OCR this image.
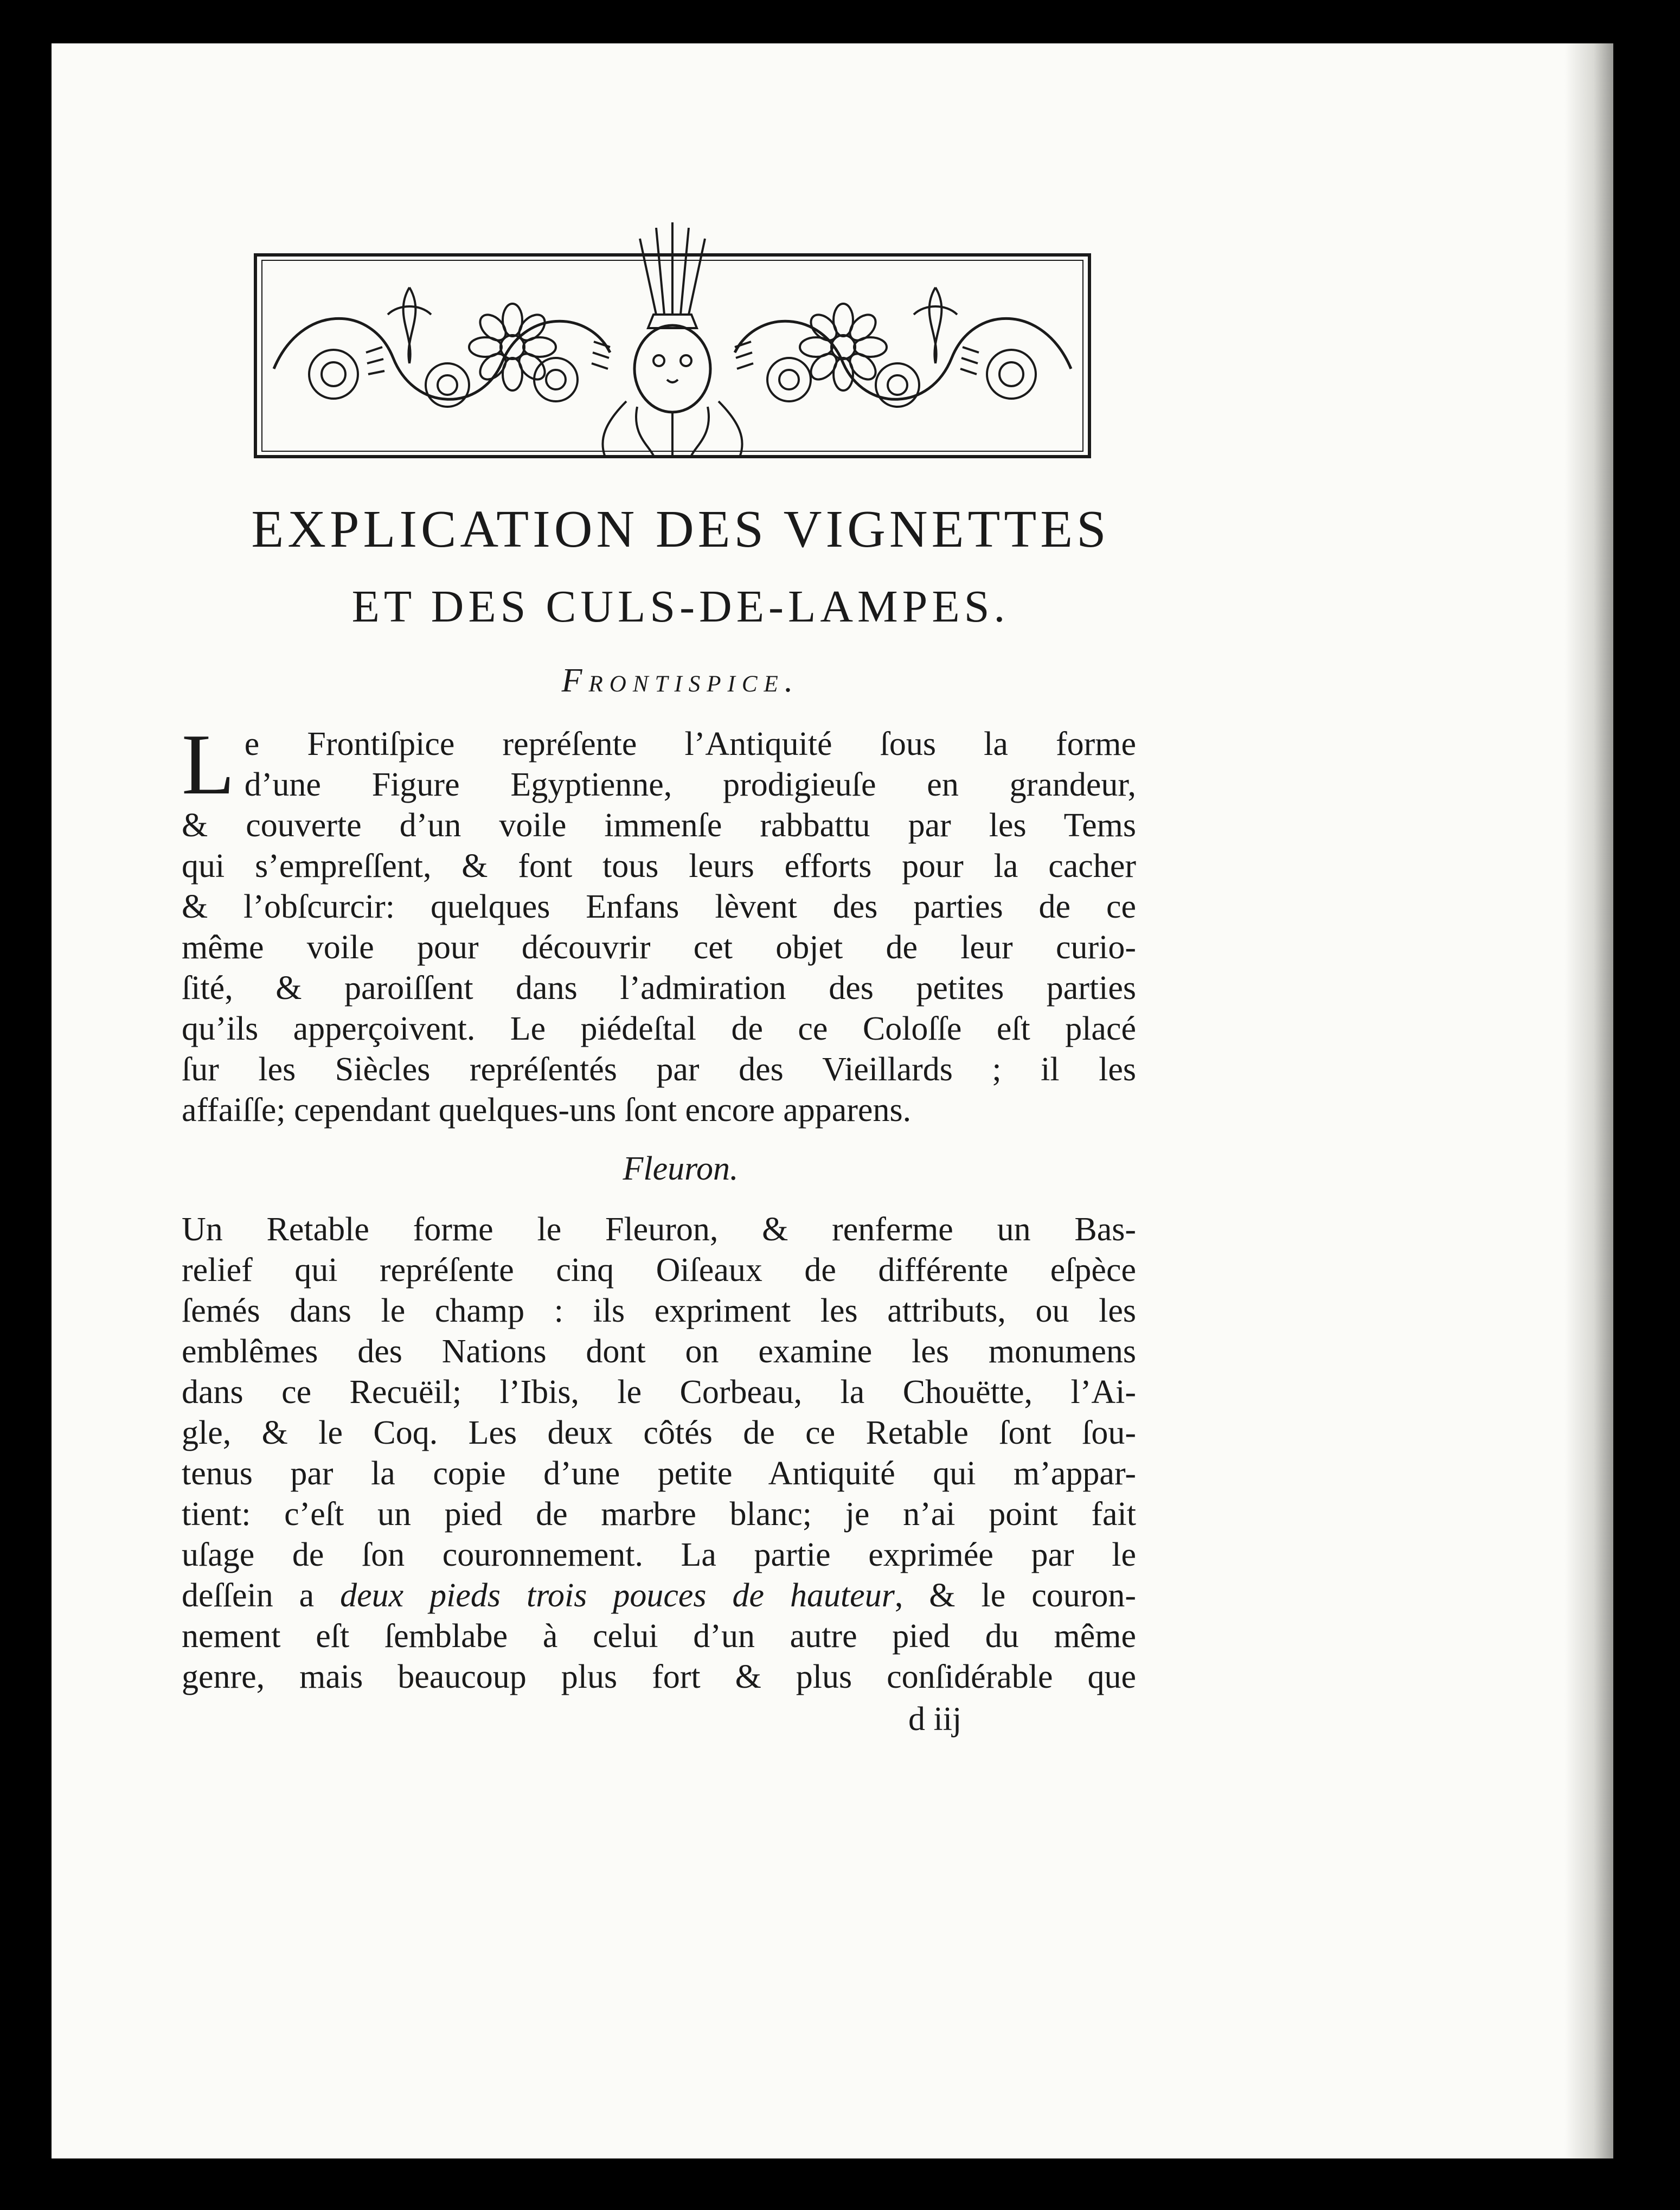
EXPLICATION DES VIGNETTES
ET DES CULS-DE-LAMPES.
Frontispice.
L e Frontiſpice repréſente l’Antiquité ſous la forme
d’une Figure Egyptienne, prodigieuſe en grandeur,
& couverte d’un voile immenſe rabbattu par les Tems
qui s’empreſſent, & font tous leurs efforts pour la cacher
& l’obſcurcir: quelques Enfans lèvent des parties de ce
même voile pour découvrir cet objet de leur curio-
ſité, & paroiſſent dans l’admiration des petites parties
qu’ils apperçoivent. Le piédeſtal de ce Coloſſe eſt placé
ſur les Siècles repréſentés par des Vieillards ; il les
affaiſſe; cependant quelques-uns ſont encore apparens.
Fleuron.
Un Retable forme le Fleuron, & renferme un Bas-
relief qui repréſente cinq Oiſeaux de différente eſpèce
ſemés dans le champ : ils expriment les attributs, ou les
emblêmes des Nations dont on examine les monumens
dans ce Recuëil; l’Ibis, le Corbeau, la Chouëtte, l’Ai-
gle, & le Coq. Les deux côtés de ce Retable ſont ſou-
tenus par la copie d’une petite Antiquité qui m’appar-
tient: c’eſt un pied de marbre blanc; je n’ai point fait
uſage de ſon couronnement. La partie exprimée par le
deſſein a deux pieds trois pouces de hauteur, & le couron-
nement eſt ſemblabe à celui d’un autre pied du même
genre, mais beaucoup plus fort & plus conſidérable que
d iij
